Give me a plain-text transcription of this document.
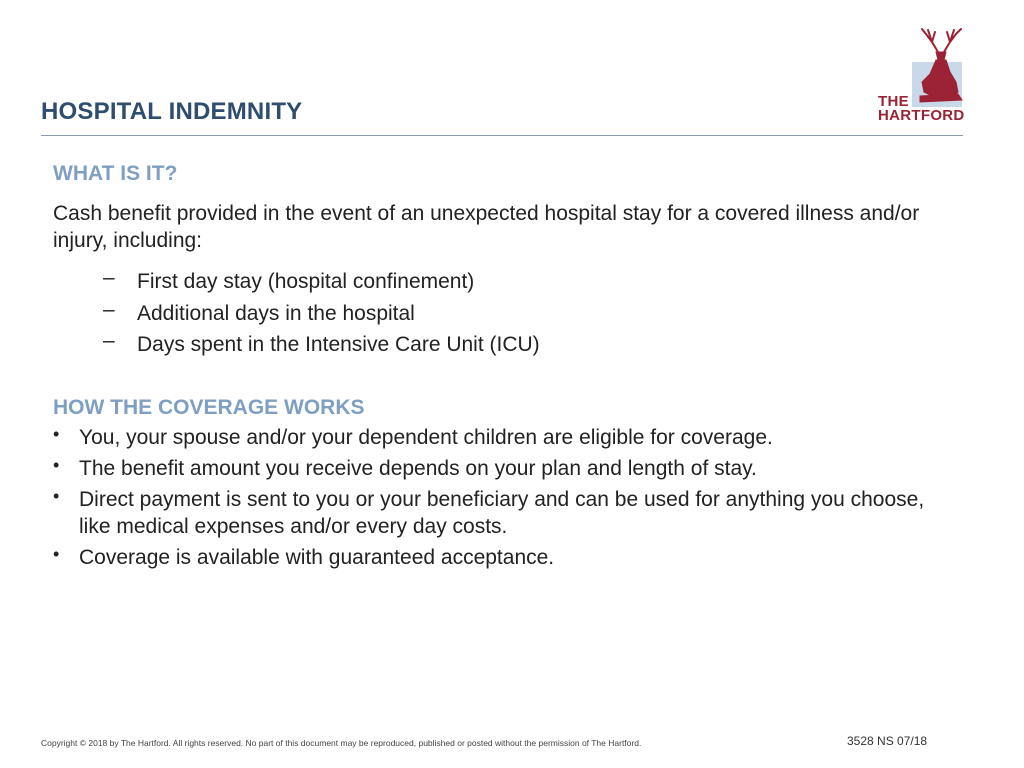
HOSPITAL INDEMNITY	THE
HARTFORD
WHAT IS IT?

Cash benefit provided in the event of an unexpected hospital stay for a covered illness and/or injury, including:

– First day stay (hospital confinement)
– Additional days in the hospital
– Days spent in the Intensive Care Unit (ICU)
HOW THE COVERAGE WORKS
• You, your spouse and/or your dependent children are eligible for coverage.
• The benefit amount you receive depends on your plan and length of stay.
• Direct payment is sent to you or your beneficiary and can be used for anything you choose, like medical expenses and/or every day costs.
• Coverage is available with guaranteed acceptance.
Copyright © 2018 by The Hartford. All rights reserved. No part of this document may be reproduced, published or posted without the permission of The Hartford.	3528 NS 07/18
